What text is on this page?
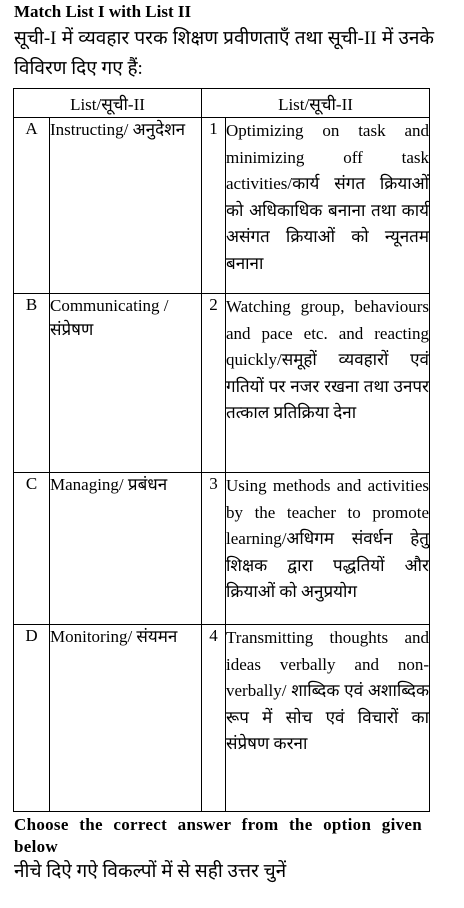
Match List I with List II
सूची-I में व्यवहार परक शिक्षण प्रवीणताएँ तथा सूची-II में उनके विविरण दिए गए हैं:
List/सूची-II		List/सूची-II	
A	Instructing/ अनुदेशन	1	Optimizing on task and minimizing off task activities/कार्य संगत क्रियाओं को अधिकाधिक बनाना तथा कार्य असंगत क्रियाओं को न्यूनतम बनाना
B	Communicating / संप्रेषण	2	Watching group, behaviours and pace etc. and reacting quickly/समूहों व्यवहारों एवं गतियों पर नजर रखना तथा उनपर तत्काल प्रतिक्रिया देना
C	Managing/ प्रबंधन	3	Using methods and activities by the teacher to promote learning/अधिगम संवर्धन हेतु शिक्षक द्वारा पद्धतियों और क्रियाओं को अनुप्रयोग
D	Monitoring/ संयमन	4	Transmitting thoughts and ideas verbally and non-verbally/ शाब्दिक एवं अशाब्दिक रूप में सोच एवं विचारों का संप्रेषण करना
Choose the correct answer from the option given below
नीचे दिऐ गऐ विकल्पों में से सही उत्तर चुनें
